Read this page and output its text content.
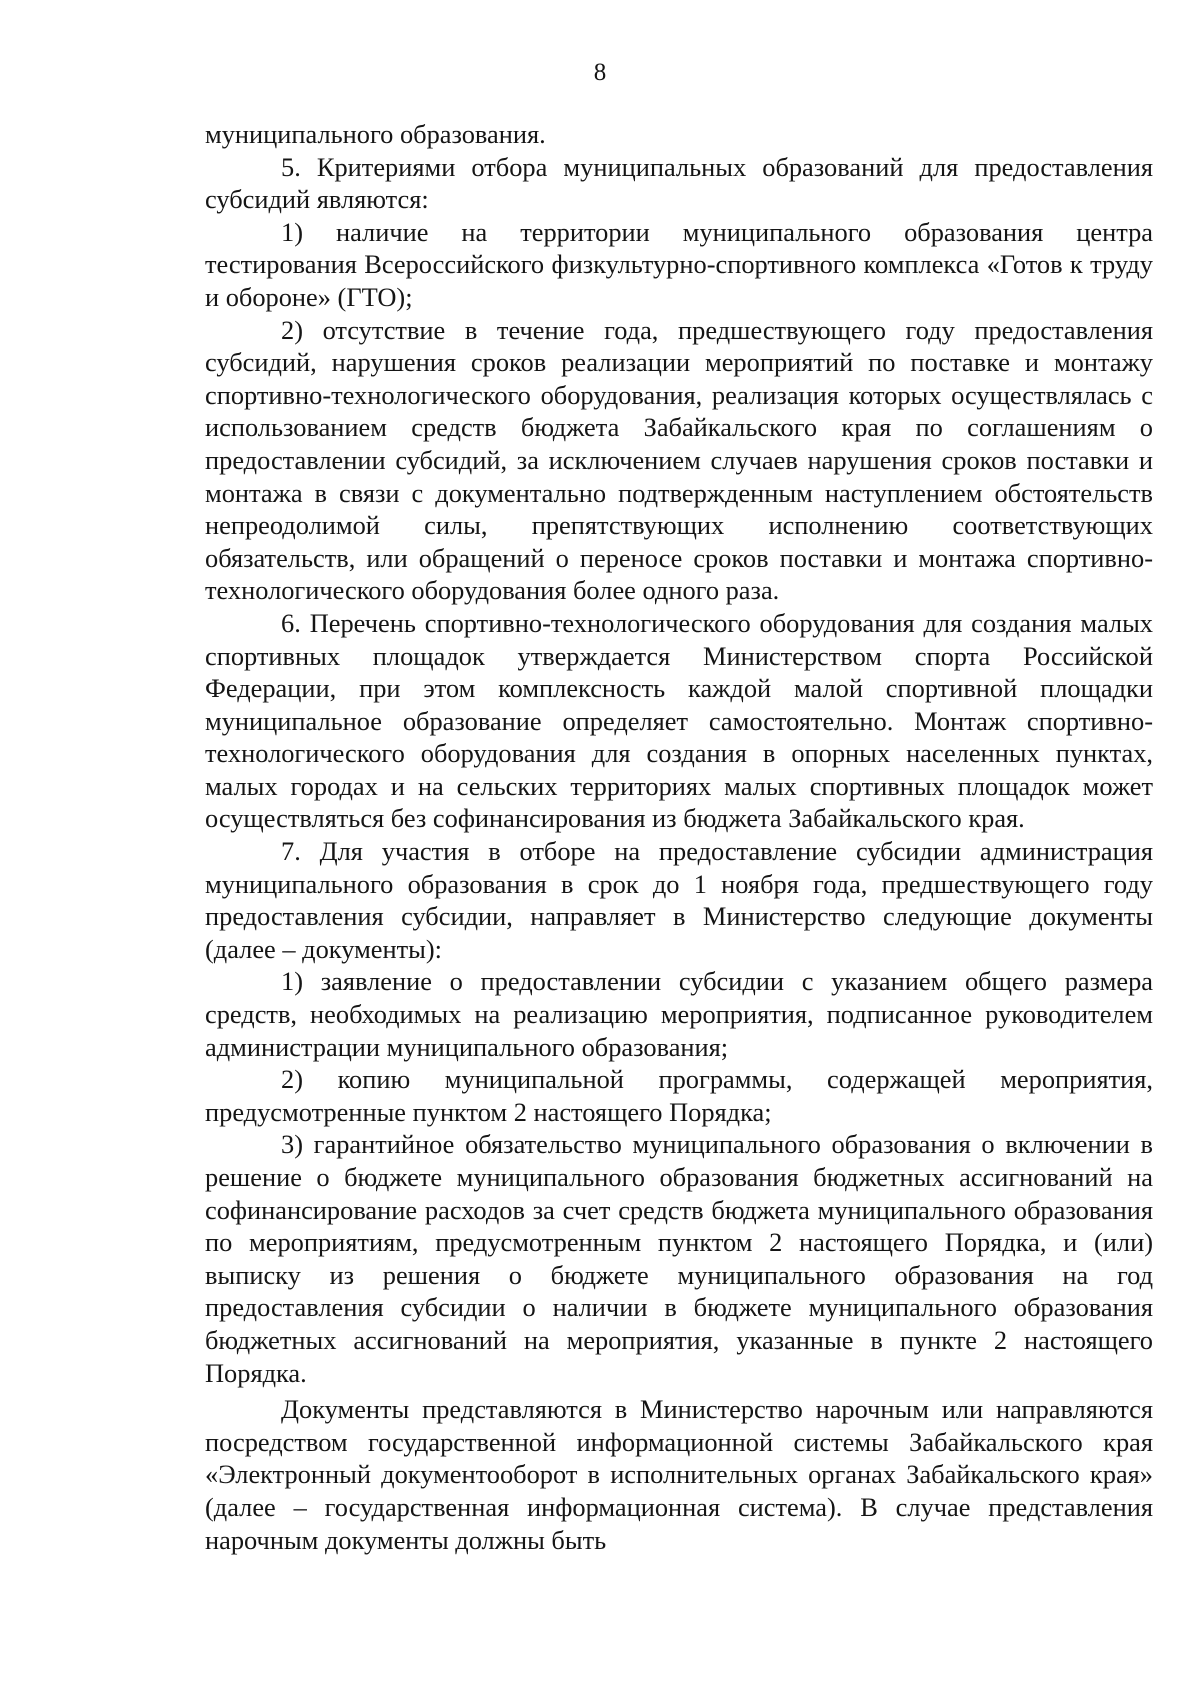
8

муниципального образования.

5. Критериями отбора муниципальных образований для предоставления субсидий являются:

1) наличие на территории муниципального образования центра тестирования Всероссийского физкультурно-спортивного комплекса «Готов к труду и обороне» (ГТО);

2) отсутствие в течение года, предшествующего году предоставления субсидий, нарушения сроков реализации мероприятий по поставке и монтажу спортивно-технологического оборудования, реализация которых осуществлялась с использованием средств бюджета Забайкальского края по соглашениям о предоставлении субсидий, за исключением случаев нарушения сроков поставки и монтажа в связи с документально подтвержденным наступлением обстоятельств непреодолимой силы, препятствующих исполнению соответствующих обязательств, или обращений о переносе сроков поставки и монтажа спортивно-технологического оборудования более одного раза.

6. Перечень спортивно-технологического оборудования для создания малых спортивных площадок утверждается Министерством спорта Российской Федерации, при этом комплексность каждой малой спортивной площадки муниципальное образование определяет самостоятельно. Монтаж спортивно-технологического оборудования для создания в опорных населенных пунктах, малых городах и на сельских территориях малых спортивных площадок может осуществляться без софинансирования из бюджета Забайкальского края.

7. Для участия в отборе на предоставление субсидии администрация муниципального образования в срок до 1 ноября года, предшествующего году предоставления субсидии, направляет в Министерство следующие документы (далее – документы):

1) заявление о предоставлении субсидии с указанием общего размера средств, необходимых на реализацию мероприятия, подписанное руководителем администрации муниципального образования;

2) копию муниципальной программы, содержащей мероприятия, предусмотренные пунктом 2 настоящего Порядка;

3) гарантийное обязательство муниципального образования о включении в решение о бюджете муниципального образования бюджетных ассигнований на софинансирование расходов за счет средств бюджета муниципального образования по мероприятиям, предусмотренным пунктом 2 настоящего Порядка, и (или) выписку из решения о бюджете муниципального образования на год предоставления субсидии о наличии в бюджете муниципального образования бюджетных ассигнований на мероприятия, указанные в пункте 2 настоящего Порядка.

Документы представляются в Министерство нарочным или направляются посредством государственной информационной системы Забайкальского края «Электронный документооборот в исполнительных органах Забайкальского края» (далее – государственная информационная система). В случае представления нарочным документы должны быть
